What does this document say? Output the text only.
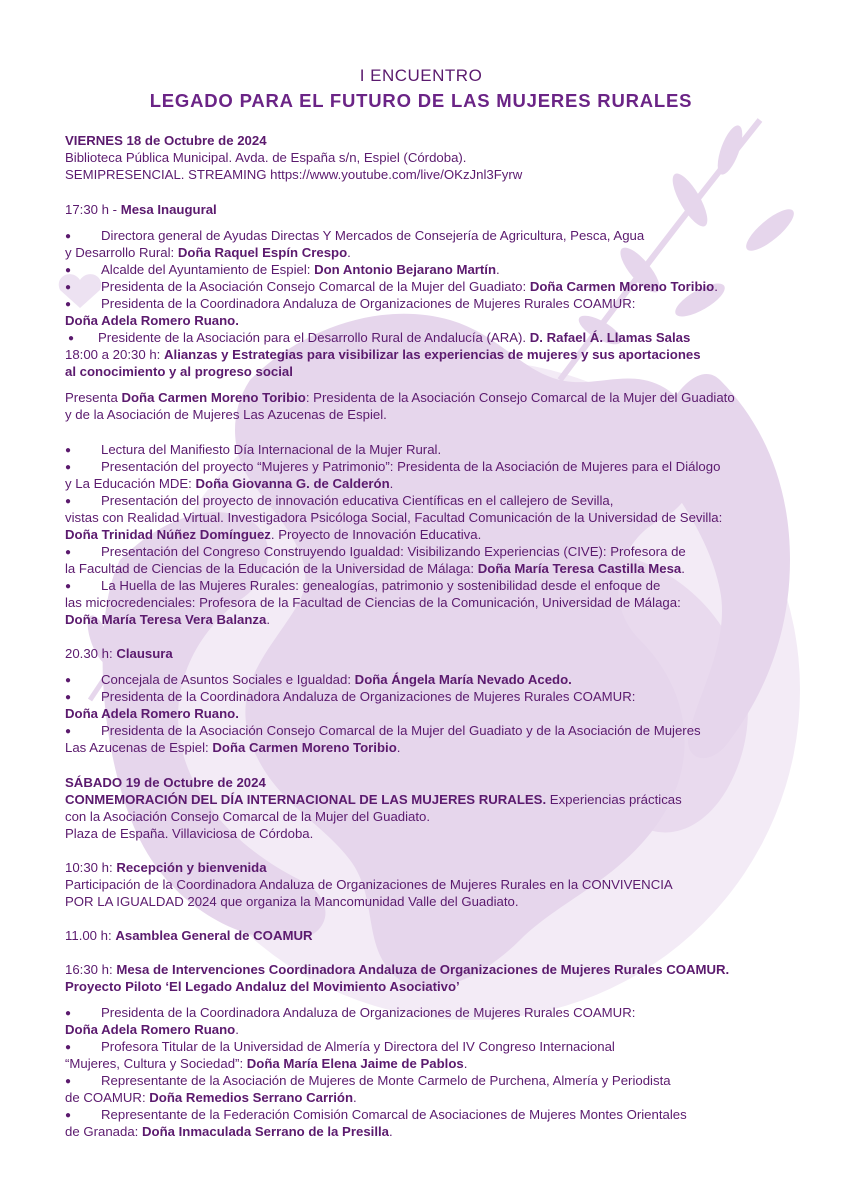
I ENCUENTRO
LEGADO PARA EL FUTURO DE LAS MUJERES RURALES
VIERNES 18 de Octubre de 2024
Biblioteca Pública Municipal. Avda. de España s/n, Espiel (Córdoba).
SEMIPRESENCIAL. STREAMING https://www.youtube.com/live/OKzJnl3Fyrw
17:30 h - Mesa Inaugural
● Directora general de Ayudas Directas Y Mercados de Consejería de Agricultura, Pesca, Agua
y Desarrollo Rural: Doña Raquel Espín Crespo.
● Alcalde del Ayuntamiento de Espiel: Don Antonio Bejarano Martín.
● Presidenta de la Asociación Consejo Comarcal de la Mujer del Guadiato: Doña Carmen Moreno Toribio.
● Presidenta de la Coordinadora Andaluza de Organizaciones de Mujeres Rurales COAMUR:
Doña Adela Romero Ruano.
● Presidente de la Asociación para el Desarrollo Rural de Andalucía (ARA). D. Rafael Á. Llamas Salas
18:00 a 20:30 h: Alianzas y Estrategias para visibilizar las experiencias de mujeres y sus aportaciones
al conocimiento y al progreso social
Presenta Doña Carmen Moreno Toribio: Presidenta de la Asociación Consejo Comarcal de la Mujer del Guadiato
y de la Asociación de Mujeres Las Azucenas de Espiel.
● Lectura del Manifiesto Día Internacional de la Mujer Rural.
● Presentación del proyecto “Mujeres y Patrimonio”: Presidenta de la Asociación de Mujeres para el Diálogo
y La Educación MDE: Doña Giovanna G. de Calderón.
● Presentación del proyecto de innovación educativa Científicas en el callejero de Sevilla,
vistas con Realidad Virtual. Investigadora Psicóloga Social, Facultad Comunicación de la Universidad de Sevilla:
Doña Trinidad Núñez Domínguez. Proyecto de Innovación Educativa.
● Presentación del Congreso Construyendo Igualdad: Visibilizando Experiencias (CIVE): Profesora de
la Facultad de Ciencias de la Educación de la Universidad de Málaga: Doña María Teresa Castilla Mesa.
● La Huella de las Mujeres Rurales: genealogías, patrimonio y sostenibilidad desde el enfoque de
las microcredenciales: Profesora de la Facultad de Ciencias de la Comunicación, Universidad de Málaga:
Doña María Teresa Vera Balanza.
20.30 h: Clausura
● Concejala de Asuntos Sociales e Igualdad: Doña Ángela María Nevado Acedo.
● Presidenta de la Coordinadora Andaluza de Organizaciones de Mujeres Rurales COAMUR:
Doña Adela Romero Ruano.
● Presidenta de la Asociación Consejo Comarcal de la Mujer del Guadiato y de la Asociación de Mujeres
Las Azucenas de Espiel: Doña Carmen Moreno Toribio.
SÁBADO 19 de Octubre de 2024
CONMEMORACIÓN DEL DÍA INTERNACIONAL DE LAS MUJERES RURALES. Experiencias prácticas
con la Asociación Consejo Comarcal de la Mujer del Guadiato.
Plaza de España. Villaviciosa de Córdoba.
10:30 h: Recepción y bienvenida
Participación de la Coordinadora Andaluza de Organizaciones de Mujeres Rurales en la CONVIVENCIA
POR LA IGUALDAD 2024 que organiza la Mancomunidad Valle del Guadiato.
11.00 h: Asamblea General de COAMUR
16:30 h: Mesa de Intervenciones Coordinadora Andaluza de Organizaciones de Mujeres Rurales COAMUR.
Proyecto Piloto ‘El Legado Andaluz del Movimiento Asociativo’
● Presidenta de la Coordinadora Andaluza de Organizaciones de Mujeres Rurales COAMUR:
Doña Adela Romero Ruano.
● Profesora Titular de la Universidad de Almería y Directora del IV Congreso Internacional
“Mujeres, Cultura y Sociedad”: Doña María Elena Jaime de Pablos.
● Representante de la Asociación de Mujeres de Monte Carmelo de Purchena, Almería y Periodista
de COAMUR: Doña Remedios Serrano Carrión.
● Representante de la Federación Comisión Comarcal de Asociaciones de Mujeres Montes Orientales
de Granada: Doña Inmaculada Serrano de la Presilla.
